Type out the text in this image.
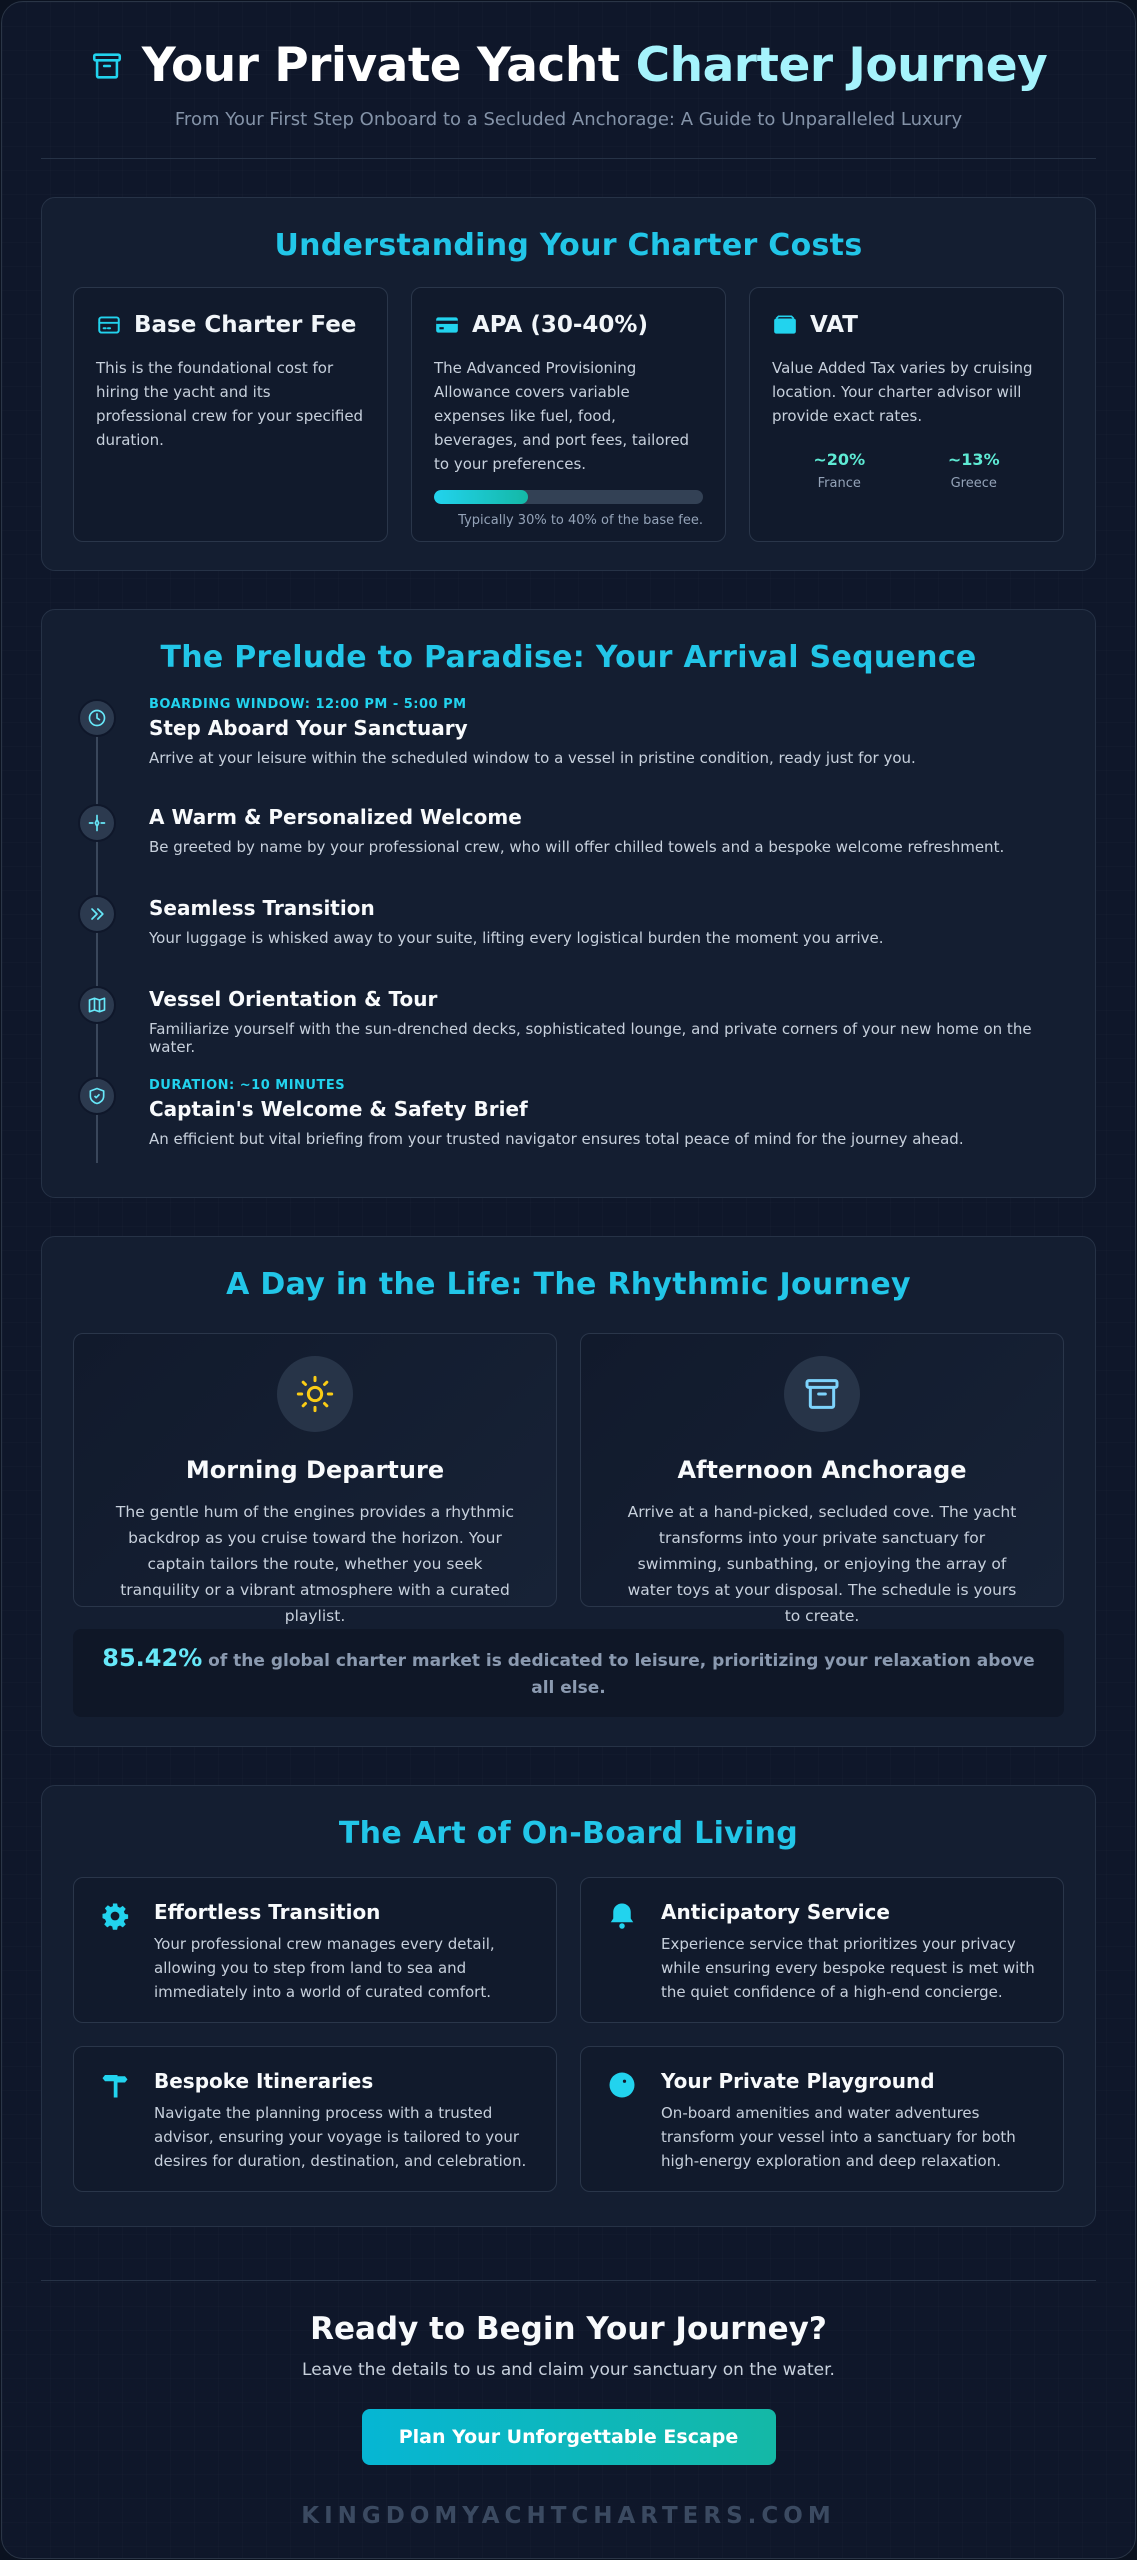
Your Private Yacht Charter Journey
From Your First Step Onboard to a Secluded Anchorage: A Guide to Unparalleled Luxury
Understanding Your Charter Costs
Base Charter Fee
This is the foundational cost for hiring the yacht and its professional crew for your specified duration.
APA (30-40%)
The Advanced Provisioning Allowance covers variable expenses like fuel, food, beverages, and port fees, tailored to your preferences.
Typically 30% to 40% of the base fee.
VAT
Value Added Tax varies by cruising location. Your charter advisor will provide exact rates.
~20%
France
~13%
Greece
The Prelude to Paradise: Your Arrival Sequence
BOARDING WINDOW: 12:00 PM - 5:00 PM
Step Aboard Your Sanctuary
Arrive at your leisure within the scheduled window to a vessel in pristine condition, ready just for you.
A Warm & Personalized Welcome
Be greeted by name by your professional crew, who will offer chilled towels and a bespoke welcome refreshment.
Seamless Transition
Your luggage is whisked away to your suite, lifting every logistical burden the moment you arrive.
Vessel Orientation & Tour
Familiarize yourself with the sun-drenched decks, sophisticated lounge, and private corners of your new home on the water.
DURATION: ~10 MINUTES
Captain's Welcome & Safety Brief
An efficient but vital briefing from your trusted navigator ensures total peace of mind for the journey ahead.
A Day in the Life: The Rhythmic Journey
Morning Departure
The gentle hum of the engines provides a rhythmic backdrop as you cruise toward the horizon. Your captain tailors the route, whether you seek tranquility or a vibrant atmosphere with a curated playlist.
Afternoon Anchorage
Arrive at a hand-picked, secluded cove. The yacht transforms into your private sanctuary for swimming, sunbathing, or enjoying the array of water toys at your disposal. The schedule is yours to create.
85.42% of the global charter market is dedicated to leisure, prioritizing your relaxation above all else.
The Art of On-Board Living
Effortless Transition
Your professional crew manages every detail, allowing you to step from land to sea and immediately into a world of curated comfort.
Anticipatory Service
Experience service that prioritizes your privacy while ensuring every bespoke request is met with the quiet confidence of a high-end concierge.
Bespoke Itineraries
Navigate the planning process with a trusted advisor, ensuring your voyage is tailored to your desires for duration, destination, and celebration.
Your Private Playground
On-board amenities and water adventures transform your vessel into a sanctuary for both high-energy exploration and deep relaxation.
Ready to Begin Your Journey?
Leave the details to us and claim your sanctuary on the water.
Plan Your Unforgettable Escape
KINGDOMYACHTCHARTERS.COM
